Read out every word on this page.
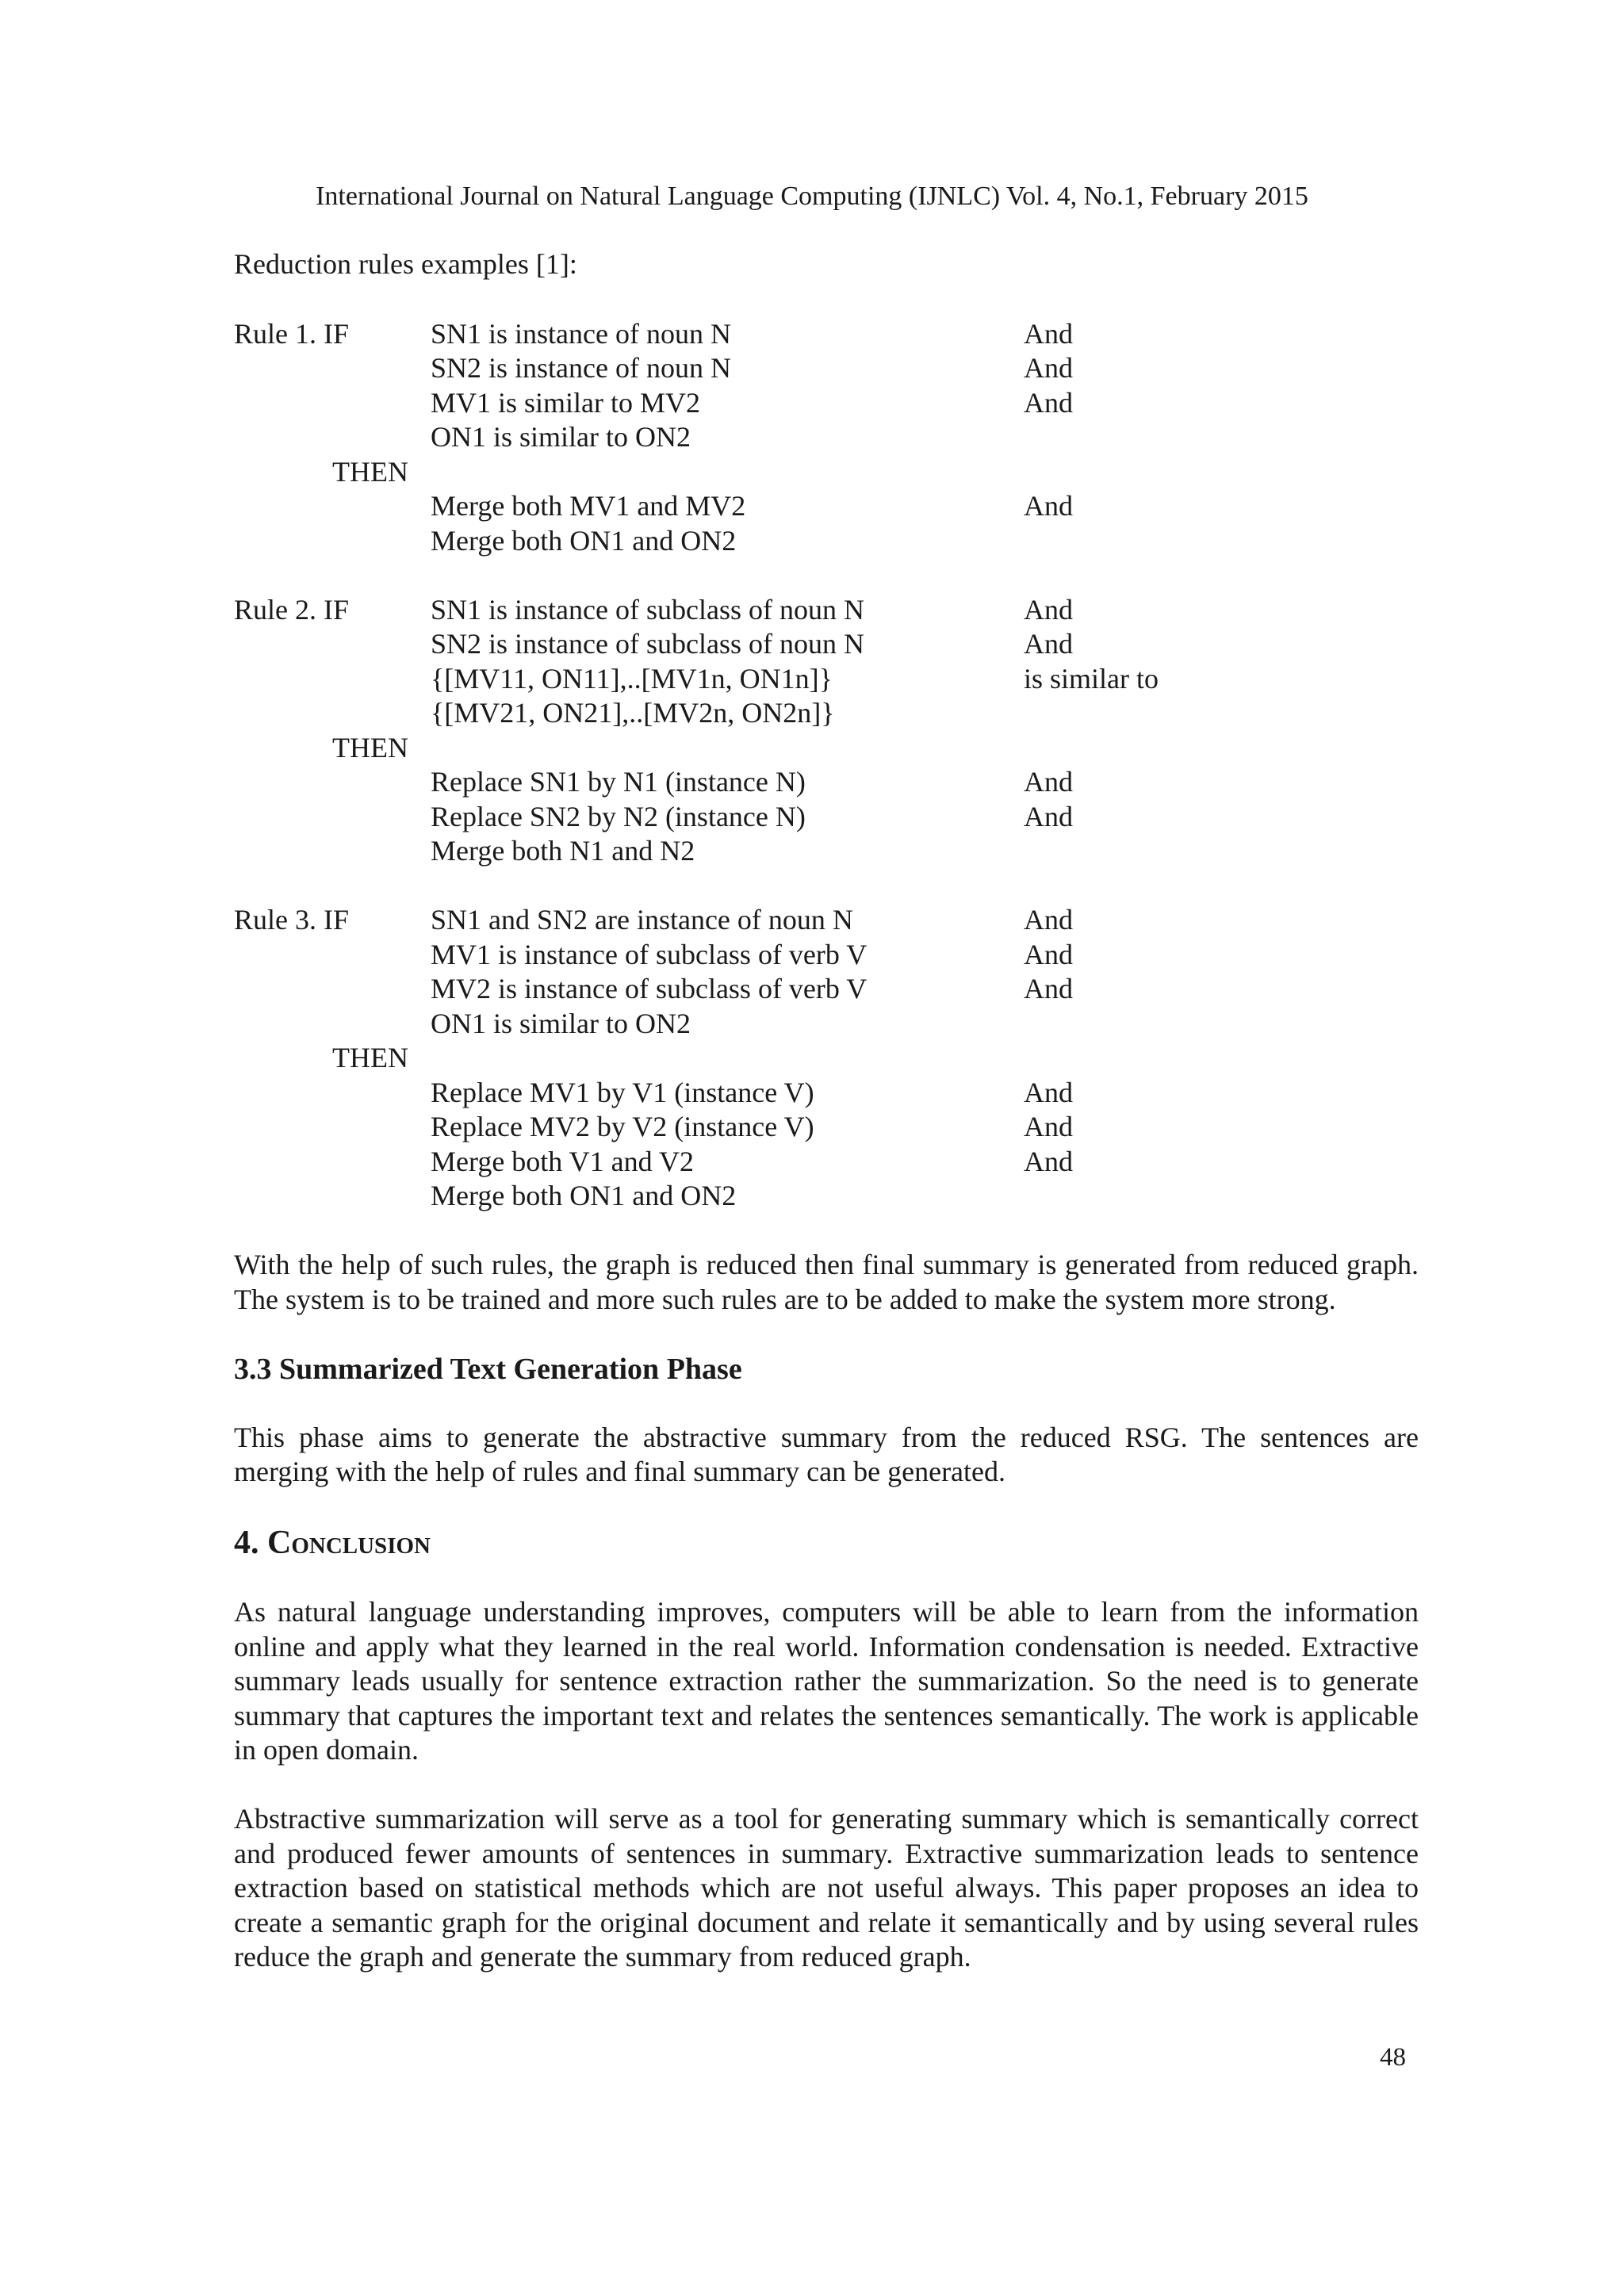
International Journal on Natural Language Computing (IJNLC) Vol. 4, No.1, February 2015

Reduction rules examples [1]:

Rule 1. IF	SN1 is instance of noun N	And
SN2 is instance of noun N	And
MV1 is similar to MV2	And
ON1 is similar to ON2
THEN
Merge both MV1 and MV2	And
Merge both ON1 and ON2
Rule 2. IF	SN1 is instance of subclass of noun N	And
SN2 is instance of subclass of noun N	And
{[MV11, ON11],..[MV1n, ON1n]}	is similar to
{[MV21, ON21],..[MV2n, ON2n]}
THEN
Replace SN1 by N1 (instance N)	And
Replace SN2 by N2 (instance N)	And
Merge both N1 and N2
Rule 3. IF	SN1 and SN2 are instance of noun N	And
MV1 is instance of subclass of verb V	And
MV2 is instance of subclass of verb V	And
ON1 is similar to ON2
THEN
Replace MV1 by V1 (instance V)	And
Replace MV2 by V2 (instance V)	And
Merge both V1 and V2	And
Merge both ON1 and ON2

With the help of such rules, the graph is reduced then final summary is generated from reduced graph. The system is to be trained and more such rules are to be added to make the system more strong.

3.3 Summarized Text Generation Phase

This phase aims to generate the abstractive summary from the reduced RSG. The sentences are merging with the help of rules and final summary can be generated.

4. Conclusion

As natural language understanding improves, computers will be able to learn from the information online and apply what they learned in the real world. Information condensation is needed. Extractive summary leads usually for sentence extraction rather the summarization. So the need is to generate summary that captures the important text and relates the sentences semantically. The work is applicable in open domain.

Abstractive summarization will serve as a tool for generating summary which is semantically correct and produced fewer amounts of sentences in summary. Extractive summarization leads to sentence extraction based on statistical methods which are not useful always. This paper proposes an idea to create a semantic graph for the original document and relate it semantically and by using several rules reduce the graph and generate the summary from reduced graph.

48
